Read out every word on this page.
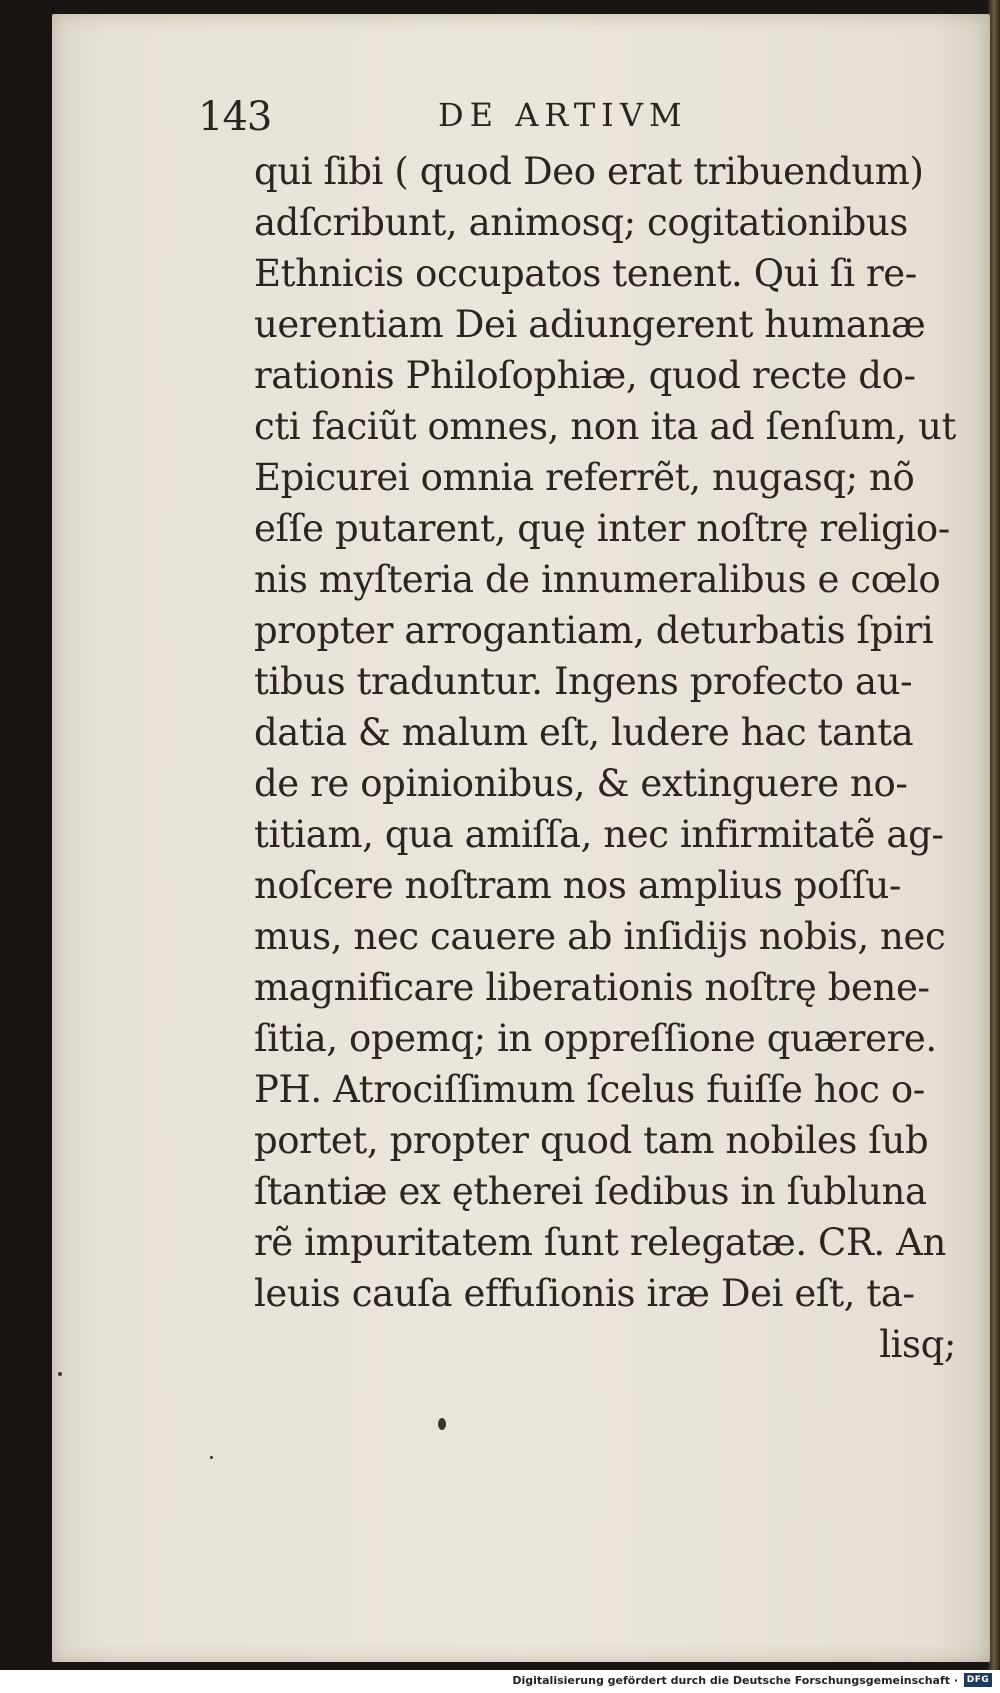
143	DE ARTIVM
qui ſibi ( quod Deo erat tribuendum)
adſcribunt, animosq; cogitationibus
Ethnicis occupatos tenent. Qui ſi re-
uerentiam Dei adiungerent humanæ
rationis Philoſophiæ, quod recte do-
cti faciũt omnes, non ita ad ſenſum, ut
Epicurei omnia referrẽt, nugasq; nõ
eſſe putarent, quę inter noſtrę religio-
nis myſteria de innumeralibus e cœlo
propter arrogantiam, deturbatis ſpiri
tibus traduntur. Ingens profecto au-
datia & malum eſt, ludere hac tanta
de re opinionibus, & extinguere no-
titiam, qua amiſſa, nec infirmitatẽ ag-
noſcere noſtram nos amplius poſſu-
mus, nec cauere ab inſidijs nobis, nec
magnificare liberationis noſtrę bene-
ſitia, opemq; in oppreſſione quærere.
PH. Atrociſſimum ſcelus fuiſſe hoc o-
portet, propter quod tam nobiles ſub
ſtantiæ ex ętherei ſedibus in ſubluna
rẽ impuritatem ſunt relegatæ. CR. An
leuis cauſa effuſionis iræ Dei eſt, ta-
lisq;
Digitalisierung gefördert durch die Deutsche Forschungsgemeinschaft · DFG
